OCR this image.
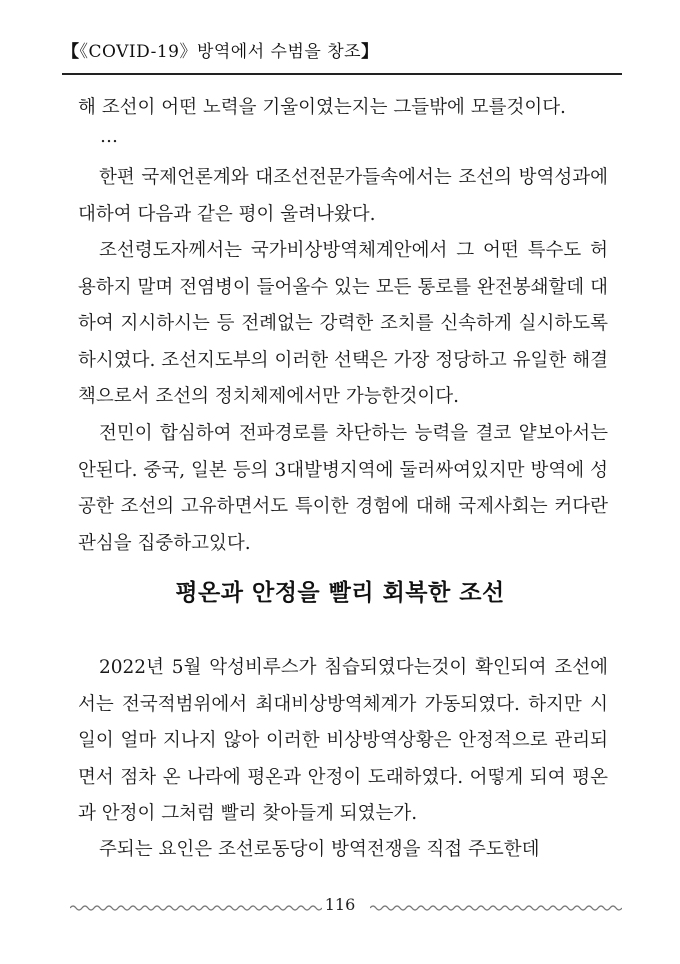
【《COVID-19》방역에서 수범을 창조】

해 조선이 어떤 노력을 기울이였는지는 그들밖에 모를것이다.

…

한편 국제언론계와 대조선전문가들속에서는 조선의 방역성과에 대하여 다음과 같은 평이 울려나왔다.

조선령도자께서는 국가비상방역체계안에서 그 어떤 특수도 허용하지 말며 전염병이 들어올수 있는 모든 통로를 완전봉쇄할데 대하여 지시하시는 등 전례없는 강력한 조치를 신속하게 실시하도록 하시였다. 조선지도부의 이러한 선택은 가장 정당하고 유일한 해결책으로서 조선의 정치체제에서만 가능한것이다.

전민이 합심하여 전파경로를 차단하는 능력을 결코 얕보아서는 안된다. 중국, 일본 등의 3대발병지역에 둘러싸여있지만 방역에 성공한 조선의 고유하면서도 특이한 경험에 대해 국제사회는 커다란 관심을 집중하고있다.

평온과 안정을 빨리 회복한 조선

2022년 5월 악성비루스가 침습되였다는것이 확인되여 조선에서는 전국적범위에서 최대비상방역체계가 가동되였다. 하지만 시일이 얼마 지나지 않아 이러한 비상방역상황은 안정적으로 관리되면서 점차 온 나라에 평온과 안정이 도래하였다. 어떻게 되여 평온과 안정이 그처럼 빨리 찾아들게 되였는가.

주되는 요인은 조선로동당이 방역전쟁을 직접 주도한데

116
